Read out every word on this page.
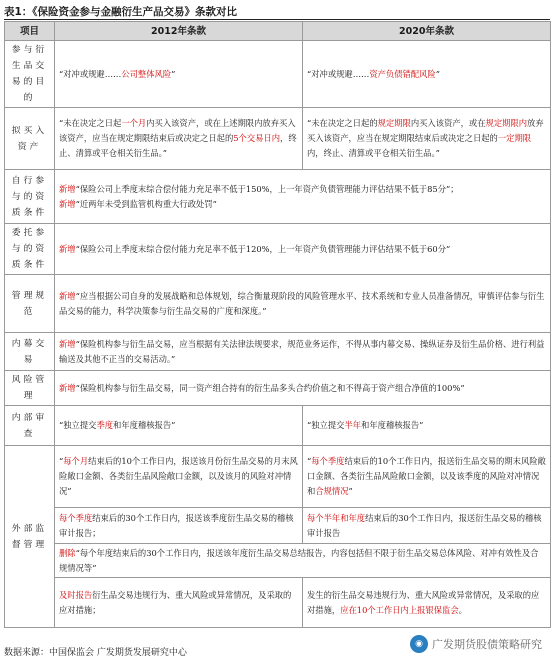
表1：《保险资金参与金融衍生产品交易》条款对比
项目	2012年条款	2020年条款
参与衍生品交易的目的	“对冲或规避……公司整体风险”	“对冲或规避……资产负债错配风险”
拟买入资产	“未在决定之日起一个月内买入该资产，或在上述期限内放弃买入该资产，应当在规定期限结束后或决定之日起的5个交易日内，终止、清算或平仓相关衍生品。”	“未在决定之日起的规定期限内买入该资产，或在规定期限内放弃买入该资产，应当在规定期限结束后或决定之日起的一定期限内，终止、清算或平仓相关衍生品。”
自行参与的资质条件	新增“保险公司上季度末综合偿付能力充足率不低于150%，上一年资产负债管理能力评估结果不低于85分”；
新增“近两年未受到监管机构重大行政处罚”	
委托参与的资质条件	新增“保险公司上季度末综合偿付能力充足率不低于120%，上一年资产负债管理能力评估结果不低于60分”	
管理规范	新增“应当根据公司自身的发展战略和总体规划，综合衡量现阶段的风险管理水平、技术系统和专业人员准备情况，审慎评估参与衍生品交易的能力，科学决策参与衍生品交易的广度和深度。”	
内幕交易	新增“保险机构参与衍生品交易，应当根据有关法律法规要求，规范业务运作，不得从事内幕交易、操纵证券及衍生品价格、进行利益输送及其他不正当的交易活动。”	
风险管理	新增“保险机构参与衍生品交易，同一资产组合持有的衍生品多头合约价值之和不得高于资产组合净值的100%”	
内部审查	“独立提交季度和年度稽核报告”	“独立提交半年和年度稽核报告”
外部监督管理	“每个月结束后的10个工作日内，报送该月份衍生品交易的月末风险敞口金额、各类衍生品风险敞口金额，以及该月的风险对冲情况”	“每个季度结束后的10个工作日内，报送衍生品交易的期末风险敞口金额、各类衍生品风险敞口金额，以及该季度的风险对冲情况和合规情况”
	每个季度结束后的30个工作日内，报送该季度衍生品交易的稽核审计报告；	每个半年和年度结束后的30个工作日内，报送衍生品交易的稽核审计报告
	删除“每个年度结束后的30个工作日内，报送该年度衍生品交易总结报告，内容包括但不限于衍生品交易总体风险、对冲有效性及合规情况等”	
	及时报告衍生品交易违规行为、重大风险或异常情况，及采取的应对措施；	发生的衍生品交易违规行为、重大风险或异常情况，及采取的应对措施，应在10个工作日内上报银保监会。
数据来源：中国保监会 广发期货发展研究中心
◉ 广发期货股债策略研究
